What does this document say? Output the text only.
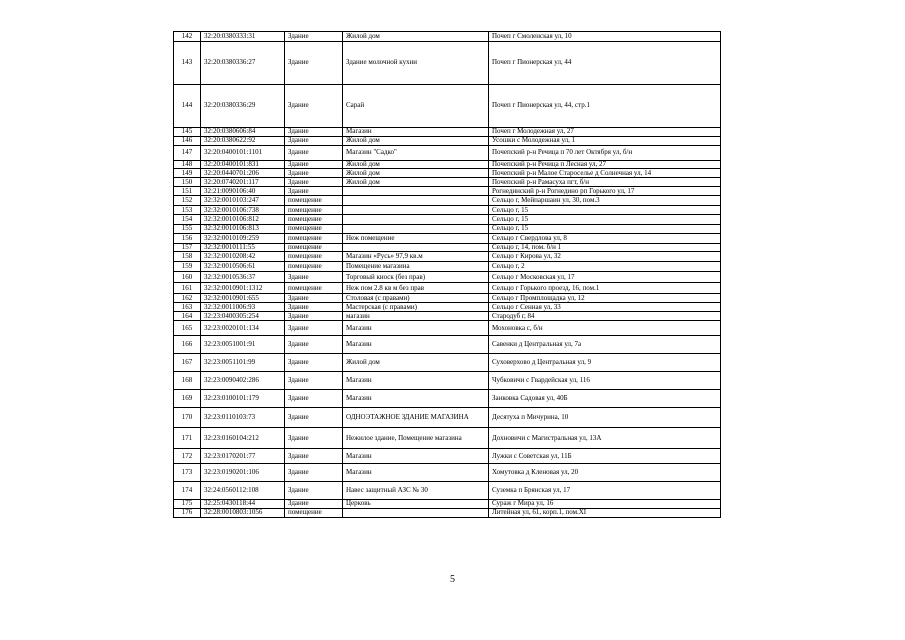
142	32:20:0380333:31	Здание	Жилой дом	Почеп г Смоленская ул, 10
143	32:20:0380336:27	Здание	Здание молочной кухни	Почеп г Пионерская ул, 44
144	32:20:0380336:29	Здание	Сарай	Почеп г Пионерская ул, 44, стр.1
145	32:20:0380606:84	Здание	Магазин	Почеп г Молодежная ул, 27
146	32:20:0380622:92	Здание	Жилой дом	Усошки с Молодежная ул, 1
147	32:20:0400101:1101	Здание	Магазин "Садко"	Почепский р-н Речица п 70 лет Октября ул, б/н
148	32:20:0400101:831	Здание	Жилой дом	Почепский р-н Речица п Лесная ул, 27
149	32:20:0440701:206	Здание	Жилой дом	Почепский р-н Малое Старосельe д Солнечная ул, 14
150	32:20:0740201:117	Здание	Жилой дом	Почепский р-н Рамасуха пгт, б/н
151	32:21:0090106:40	Здание		Рогнединский р-н Рогнедино рп Горького ул, 17
152	32:32:0010103:247	помещение		Сельцо г, Мейпаршаин ул, 30, пом.3
153	32:32:0010106:738	помещение		Сельцо г, 15
154	32:32:0010106:812	помещение		Сельцо г, 15
155	32:32:0010106:813	помещение		Сельцо г, 15
156	32:32:0010109:259	помещение	Неж помещение	Сельцо г Свердлова ул, 8
157	32:32:0010111:55	помещение		Сельцо г, 14, пом. б/н 1
158	32:32:0010208:42	помещение	Магазин «Русь» 97,9 кв.м	Сельцо г Кирова ул, 32
159	32:32:0010506:61	помещение	Помещение магазина	Сельцо г, 2
160	32:32:0010536:37	Здание	Торговый киоск (без прав)	Сельцо г Московская ул, 17
161	32:32:0010901:1312	помещение	Неж пом 2.8 кв м без прав	Сельцо г Горького проезд, 16, пом.1
162	32:32:0010901:655	Здание	Столовая (с правами)	Сельцо г Промплощадка ул, 12
163	32:32:0011006:93	Здание	Мастерская (с правами)	Сельцо г Сенная ул, 33
164	32:23:0400305:254	Здание	магазин	Стародуб г, 84
165	32:23:0020101:134	Здание	Магазин	Мохоновка с, б/н
166	32:23:0051001:91	Здание	Магазин	Савенки д Центральная ул, 7а
167	32:23:0051101:99	Здание	Жилой дом	Суховерхово д Центральная ул, 9
168	32:23:0090402:286	Здание	Магазин	Чубковичи с Гвардейская ул, 116
169	32:23:0100101:179	Здание	Магазин	Занковка Садовая ул, 40Б
170	32:23:0110103:73	Здание	ОДНОЭТАЖНОЕ ЗДАНИЕ МАГАЗИНА	Десятуха п Мичурина, 10
171	32:23:0160104:212	Здание	Нежилое здание, Помещение магазина	Дохновичи с Магистральная ул, 13А
172	32:23:0170201:77	Здание	Магазин	Лужки с Советская ул, 11Б
173	32:23:0190201:106	Здание	Магазин	Хомутовка д Кленовая ул, 20
174	32:24:0560112:108	Здание	Навес защитный АЗС № 30	Суземка п Брянская ул, 17
175	32:25:0430118:44	Здание	Церковь	Сураж г Мира ул, 16
176	32:28:0010803:1056	помещение		Литейная ул, 61, корп.1, пом.XI
5
